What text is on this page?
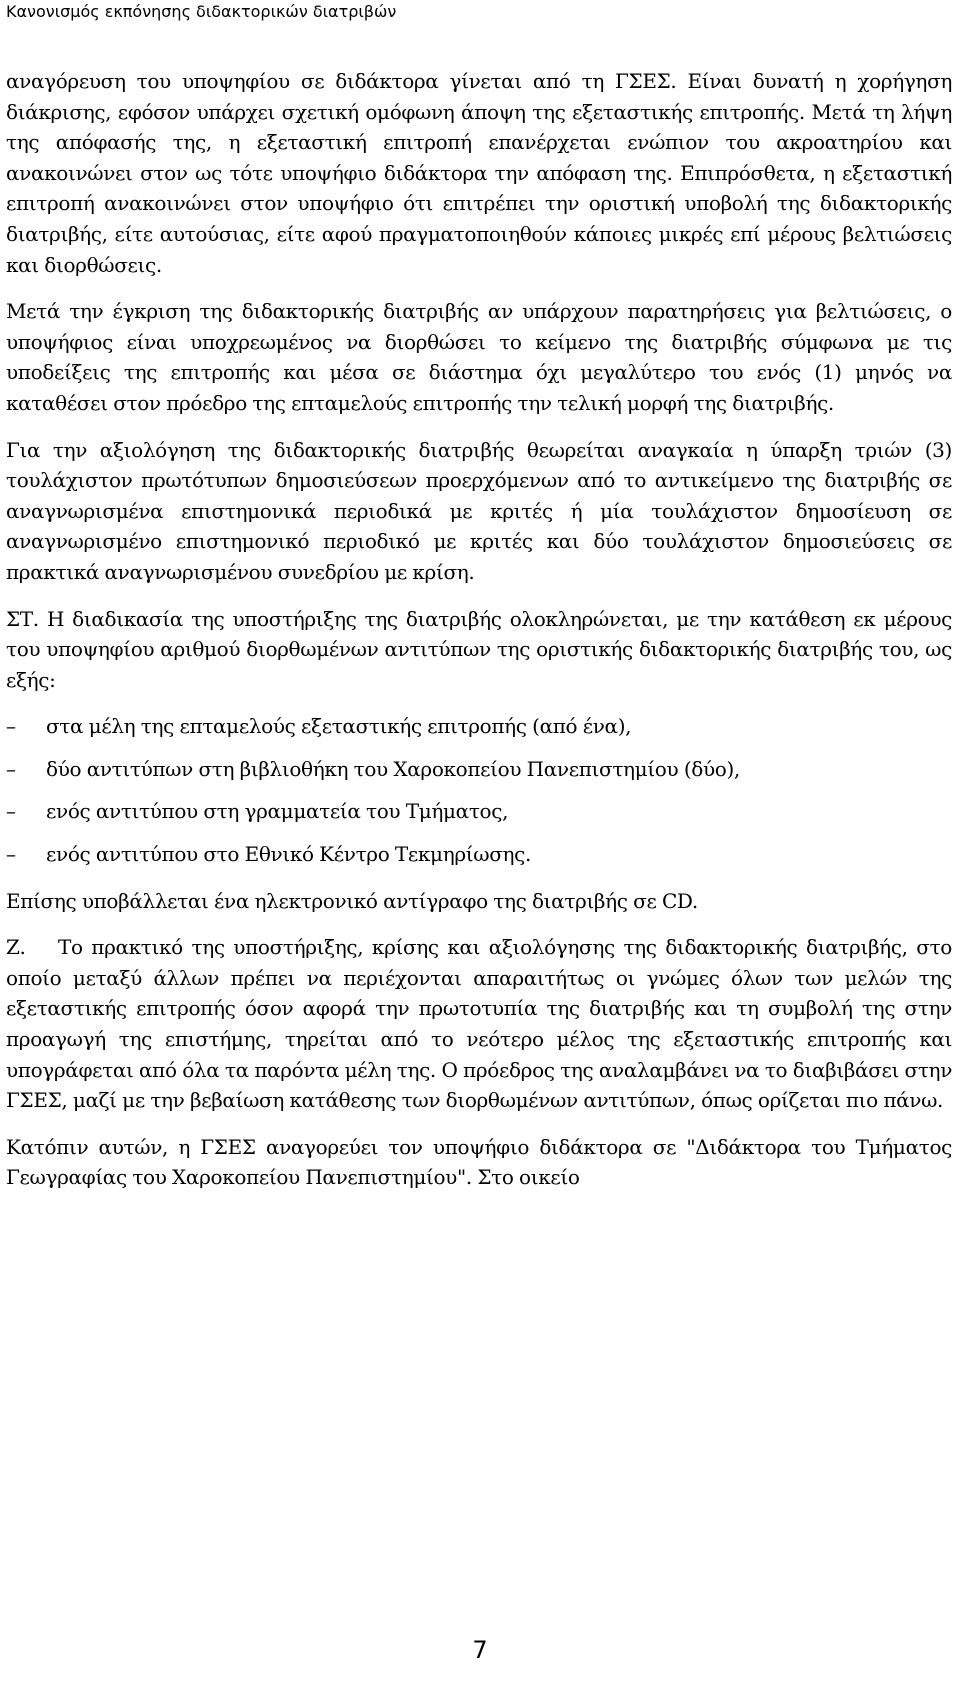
Κανονισμός εκπόνησης διδακτορικών διατριβών

αναγόρευση του υποψηφίου σε διδάκτορα γίνεται από τη ΓΣΕΣ. Είναι δυνατή η χορήγηση διάκρισης, εφόσον υπάρχει σχετική ομόφωνη άποψη της εξεταστικής επιτροπής. Μετά τη λήψη της απόφασής της, η εξεταστική επιτροπή επανέρχεται ενώπιον του ακροατηρίου και ανακοινώνει στον ως τότε υποψήφιο διδάκτορα την απόφαση της. Επιπρόσθετα, η εξεταστική επιτροπή ανακοινώνει στον υποψήφιο ότι επιτρέπει την οριστική υποβολή της διδακτορικής διατριβής, είτε αυτούσιας, είτε αφού πραγματοποιηθούν κάποιες μικρές επί μέρους βελτιώσεις και διορθώσεις.

Μετά την έγκριση της διδακτορικής διατριβής αν υπάρχουν παρατηρήσεις για βελτιώσεις, ο υποψήφιος είναι υποχρεωμένος να διορθώσει το κείμενο της διατριβής σύμφωνα με τις υποδείξεις της επιτροπής και μέσα σε διάστημα όχι μεγαλύτερο του ενός (1) μηνός να καταθέσει στον πρόεδρο της επταμελούς επιτροπής την τελική μορφή της διατριβής.

Για την αξιολόγηση της διδακτορικής διατριβής θεωρείται αναγκαία η ύπαρξη τριών (3) τουλάχιστον πρωτότυπων δημοσιεύσεων προερχόμενων από το αντικείμενο της διατριβής σε αναγνωρισμένα επιστημονικά περιοδικά με κριτές ή μία τουλάχιστον δημοσίευση σε αναγνωρισμένο επιστημονικό περιοδικό με κριτές και δύο τουλάχιστον δημοσιεύσεις σε πρακτικά αναγνωρισμένου συνεδρίου με κρίση.

ΣΤ. Η διαδικασία της υποστήριξης της διατριβής ολοκληρώνεται, με την κατάθεση εκ μέρους του υποψηφίου αριθμού διορθωμένων αντιτύπων της οριστικής διδακτορικής διατριβής του, ως εξής:

– στα μέλη της επταμελούς εξεταστικής επιτροπής (από ένα),
– δύο αντιτύπων στη βιβλιοθήκη του Χαροκοπείου Πανεπιστημίου (δύο),
– ενός αντιτύπου στη γραμματεία του Τμήματος,
– ενός αντιτύπου στο Εθνικό Κέντρο Τεκμηρίωσης.

Επίσης υποβάλλεται ένα ηλεκτρονικό αντίγραφο της διατριβής σε CD.

Ζ. Το πρακτικό της υποστήριξης, κρίσης και αξιολόγησης της διδακτορικής διατριβής, στο οποίο μεταξύ άλλων πρέπει να περιέχονται απαραιτήτως οι γνώμες όλων των μελών της εξεταστικής επιτροπής όσον αφορά την πρωτοτυπία της διατριβής και τη συμβολή της στην προαγωγή της επιστήμης, τηρείται από το νεότερο μέλος της εξεταστικής επιτροπής και υπογράφεται από όλα τα παρόντα μέλη της. Ο πρόεδρος της αναλαμβάνει να το διαβιβάσει στην ΓΣΕΣ, μαζί με την βεβαίωση κατάθεσης των διορθωμένων αντιτύπων, όπως ορίζεται πιο πάνω.

Κατόπιν αυτών, η ΓΣΕΣ αναγορεύει τον υποψήφιο διδάκτορα σε "Διδάκτορα του Τμήματος Γεωγραφίας του Χαροκοπείου Πανεπιστημίου". Στο οικείο

7
